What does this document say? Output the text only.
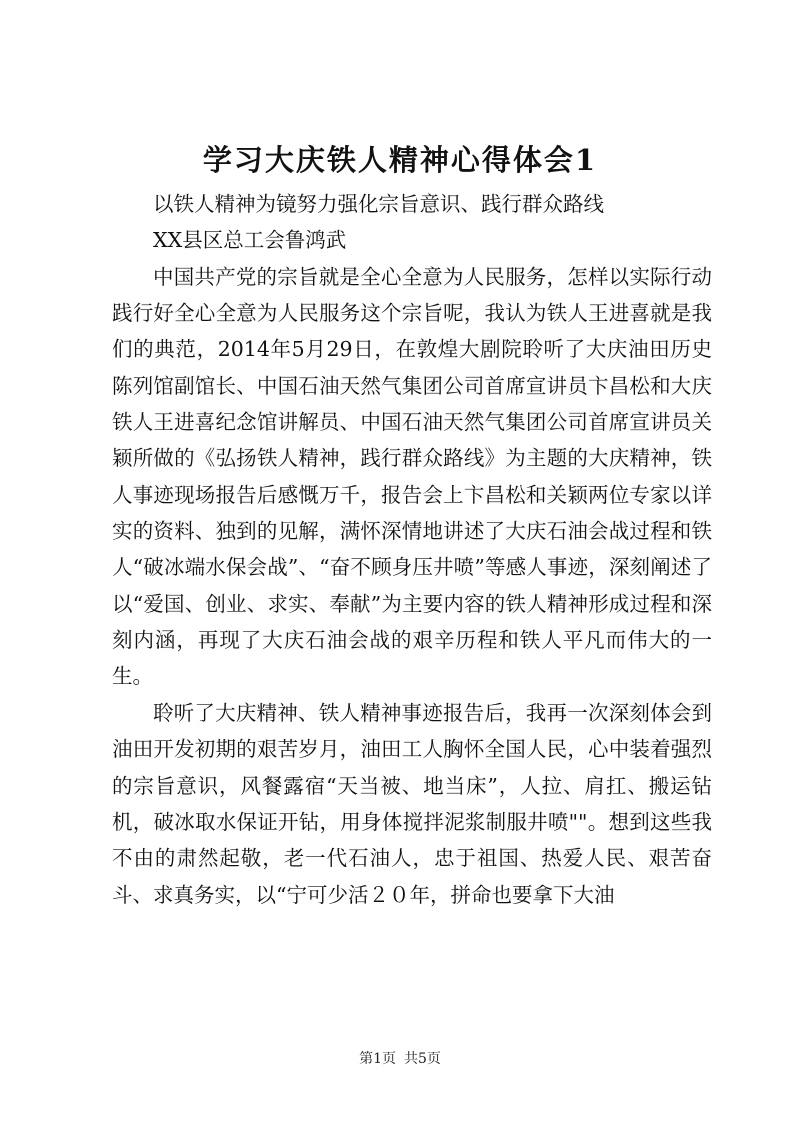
学习大庆铁人精神心得体会1

以铁人精神为镜努力强化宗旨意识、践行群众路线

XX县区总工会鲁鸿武

中国共产党的宗旨就是全心全意为人民服务，怎样以实际行动践行好全心全意为人民服务这个宗旨呢，我认为铁人王进喜就是我们的典范，2014年5月29日，在敦煌大剧院聆听了大庆油田历史陈列馆副馆长、中国石油天然气集团公司首席宣讲员卞昌松和大庆铁人王进喜纪念馆讲解员、中国石油天然气集团公司首席宣讲员关颖所做的《弘扬铁人精神，践行群众路线》为主题的大庆精神，铁人事迹现场报告后感慨万千，报告会上卞昌松和关颖两位专家以详实的资料、独到的见解，满怀深情地讲述了大庆石油会战过程和铁人“破冰端水保会战”、“奋不顾身压井喷”等感人事迹，深刻阐述了以“爱国、创业、求实、奉献”为主要内容的铁人精神形成过程和深刻内涵，再现了大庆石油会战的艰辛历程和铁人平凡而伟大的一生。

聆听了大庆精神、铁人精神事迹报告后，我再一次深刻体会到油田开发初期的艰苦岁月，油田工人胸怀全国人民，心中装着强烈的宗旨意识，风餐露宿“天当被、地当床”，人拉、肩扛、搬运钻机，破冰取水保证开钻，用身体搅拌泥浆制服井喷""。想到这些我不由的肃然起敬，老一代石油人，忠于祖国、热爱人民、艰苦奋斗、求真务实，以“宁可少活２０年，拼命也要拿下大油

第1页 共5页
